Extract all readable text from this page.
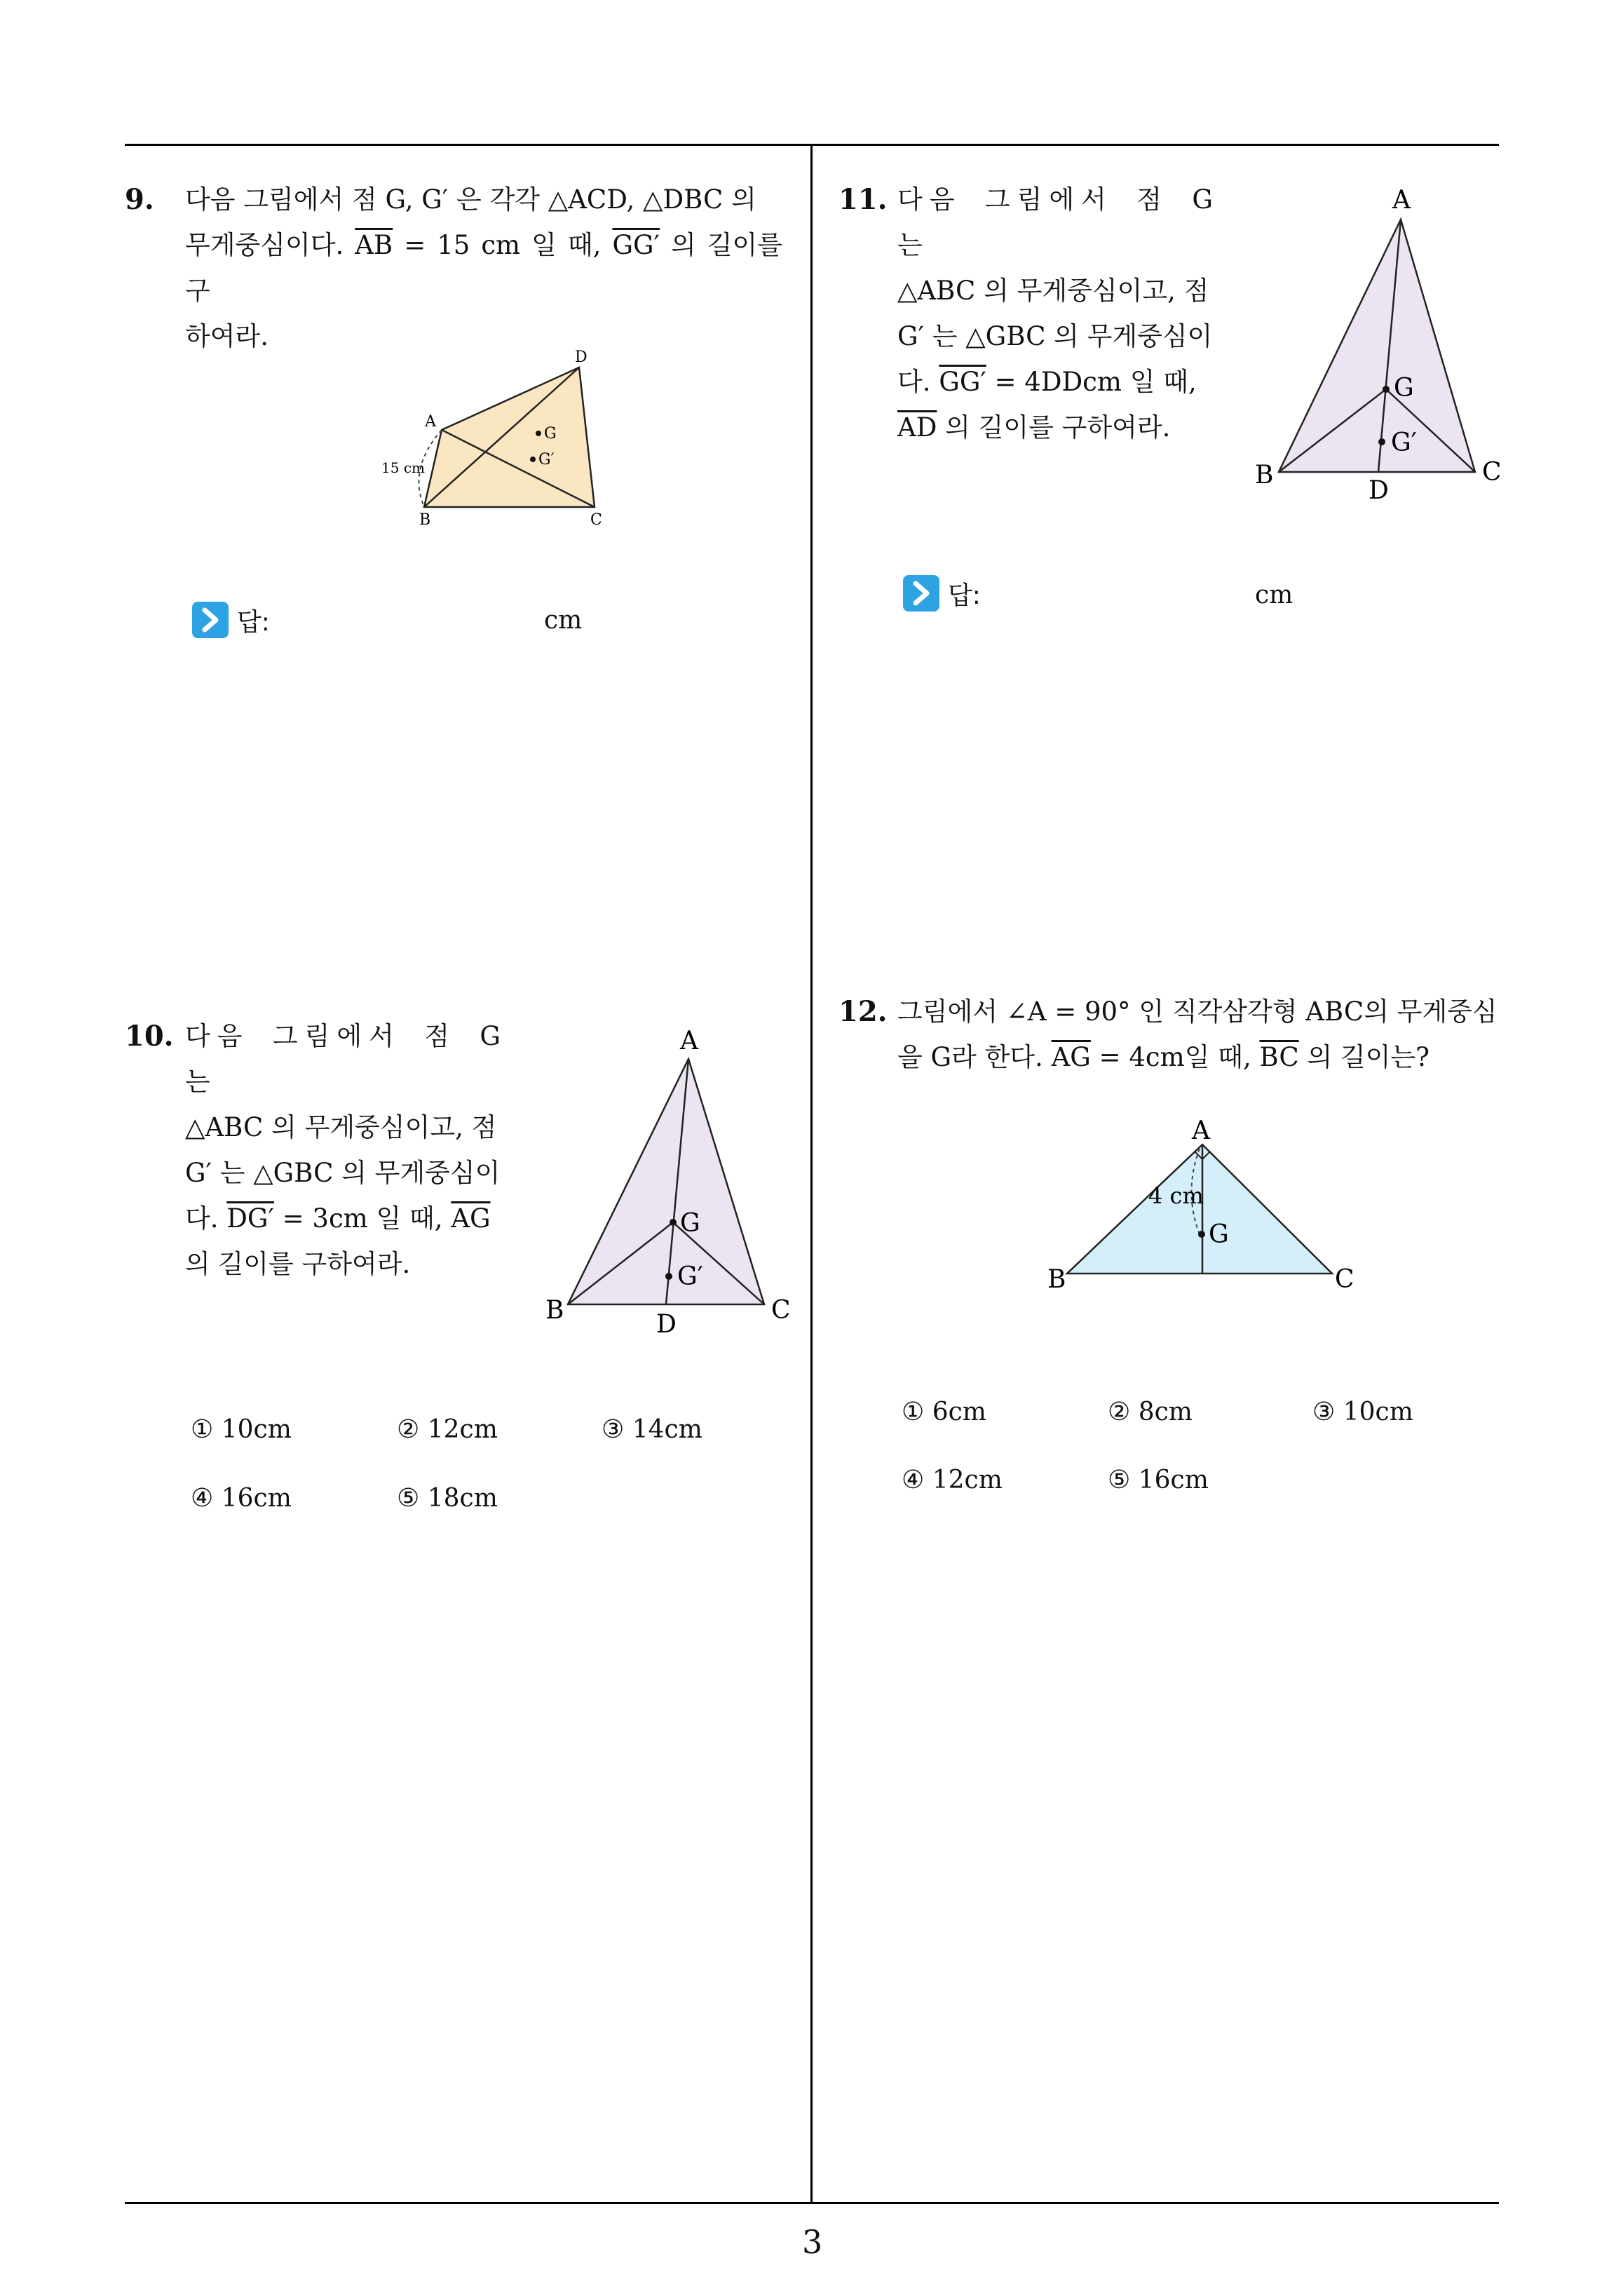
9. 다음 그림에서 점 G, G′ 은 각각 △ACD, △DBC 의
무게중심이다. $\overline{AB} = 15$ cm 일 때, GG′ 의 길이를 구
하여라.
A
B	C
D
G
G′
15 cm
답:	cm
10. 다음 그림에서 점 G 는
△ABC 의 무게중심이고, 점
G′ 는 △GBC 의 무게중심이
다. DG′ = 3cm 일 때, $\overline{AG}$
의 길이를 구하여라.
A
B	C
D
G
G′
① 10cm	② 12cm	③ 14cm
④ 16cm	⑤ 18cm
11. 다음 그림에서 점 G 는
△ABC 의 무게중심이고, 점
G′ 는 △GBC 의 무게중심이
다. GG′ = 4DDcm 일 때,
$\overline{AD}$ 의 길이를 구하여라.
A
B	C
D
G
G′
답:	cm
12. 그림에서 ∠A = 90° 인 직각삼각형 ABC의 무게중심
을 G라 한다. $\overline{AG} = 4cm$일 때, $\overline{BC}$ 의 길이는?
A
B	C
G
4 cm
① 6cm	② 8cm	③ 10cm
④ 12cm	⑤ 16cm
3
